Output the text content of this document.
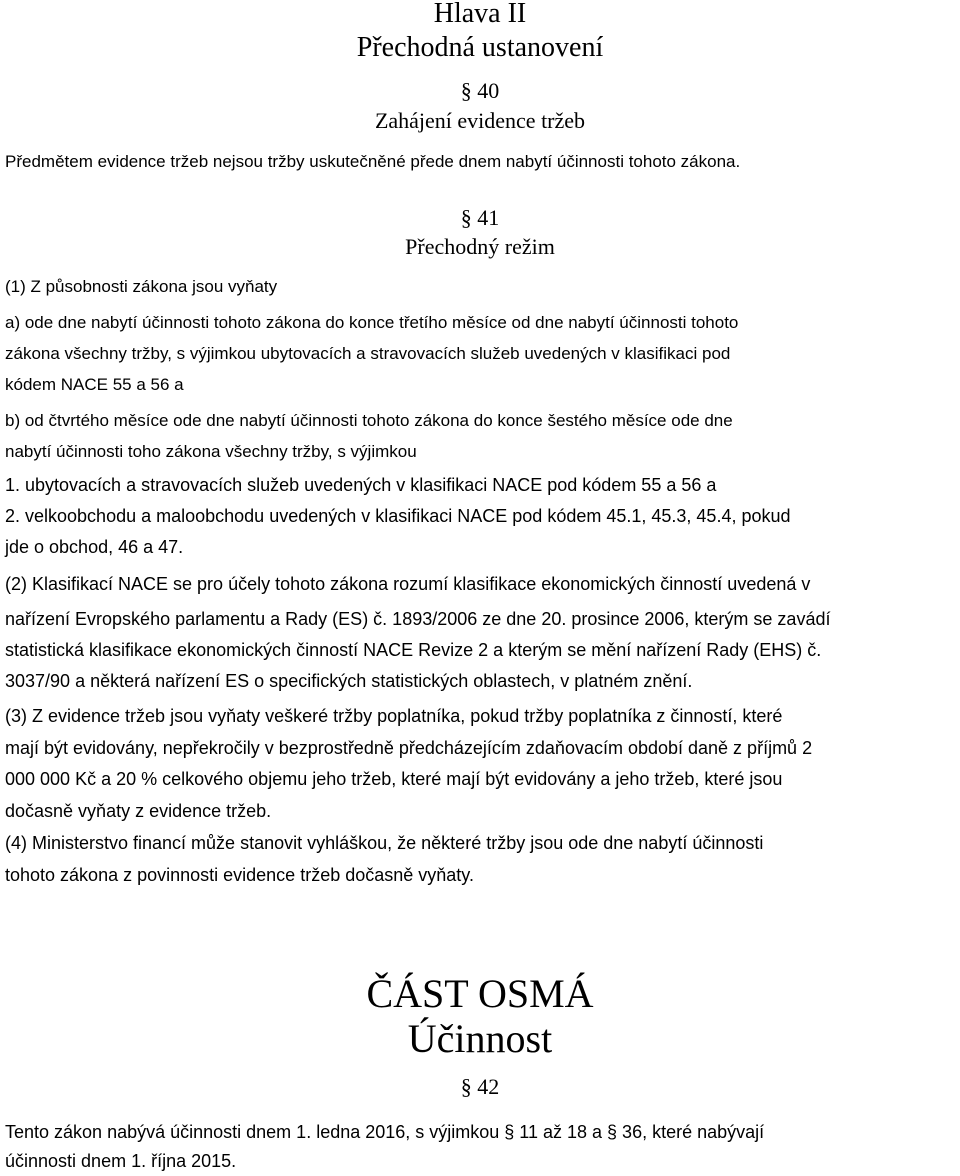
Hlava II
Přechodná ustanovení
§ 40
Zahájení evidence tržeb
Předmětem evidence tržeb nejsou tržby uskutečněné přede dnem nabytí účinnosti tohoto zákona.
§ 41
Přechodný režim
(1) Z působnosti zákona jsou vyňaty
a) ode dne nabytí účinnosti tohoto zákona do konce třetího měsíce od dne nabytí účinnosti tohoto
zákona všechny tržby, s výjimkou ubytovacích a stravovacích služeb uvedených v klasifikaci pod
kódem NACE 55 a 56 a
b) od čtvrtého měsíce ode dne nabytí účinnosti tohoto zákona do konce šestého měsíce ode dne
nabytí účinnosti toho zákona všechny tržby, s výjimkou
1. ubytovacích a stravovacích služeb uvedených v klasifikaci NACE pod kódem 55 a 56 a
2. velkoobchodu a maloobchodu uvedených v klasifikaci NACE pod kódem 45.1, 45.3, 45.4, pokud
jde o obchod, 46 a 47.
(2) Klasifikací NACE se pro účely tohoto zákona rozumí klasifikace ekonomických činností uvedená v
nařízení Evropského parlamentu a Rady (ES) č. 1893/2006 ze dne 20. prosince 2006, kterým se zavádí
statistická klasifikace ekonomických činností NACE Revize 2 a kterým se mění nařízení Rady (EHS) č.
3037/90 a některá nařízení ES o specifických statistických oblastech, v platném znění.
(3) Z evidence tržeb jsou vyňaty veškeré tržby poplatníka, pokud tržby poplatníka z činností, které
mají být evidovány, nepřekročily v bezprostředně předcházejícím zdaňovacím období daně z příjmů 2
000 000 Kč a 20 % celkového objemu jeho tržeb, které mají být evidovány a jeho tržeb, které jsou
dočasně vyňaty z evidence tržeb.
(4) Ministerstvo financí může stanovit vyhláškou, že některé tržby jsou ode dne nabytí účinnosti
tohoto zákona z povinnosti evidence tržeb dočasně vyňaty.
ČÁST OSMÁ
Účinnost
§ 42
Tento zákon nabývá účinnosti dnem 1. ledna 2016, s výjimkou § 11 až 18 a § 36, které nabývají
účinnosti dnem 1. října 2015.
